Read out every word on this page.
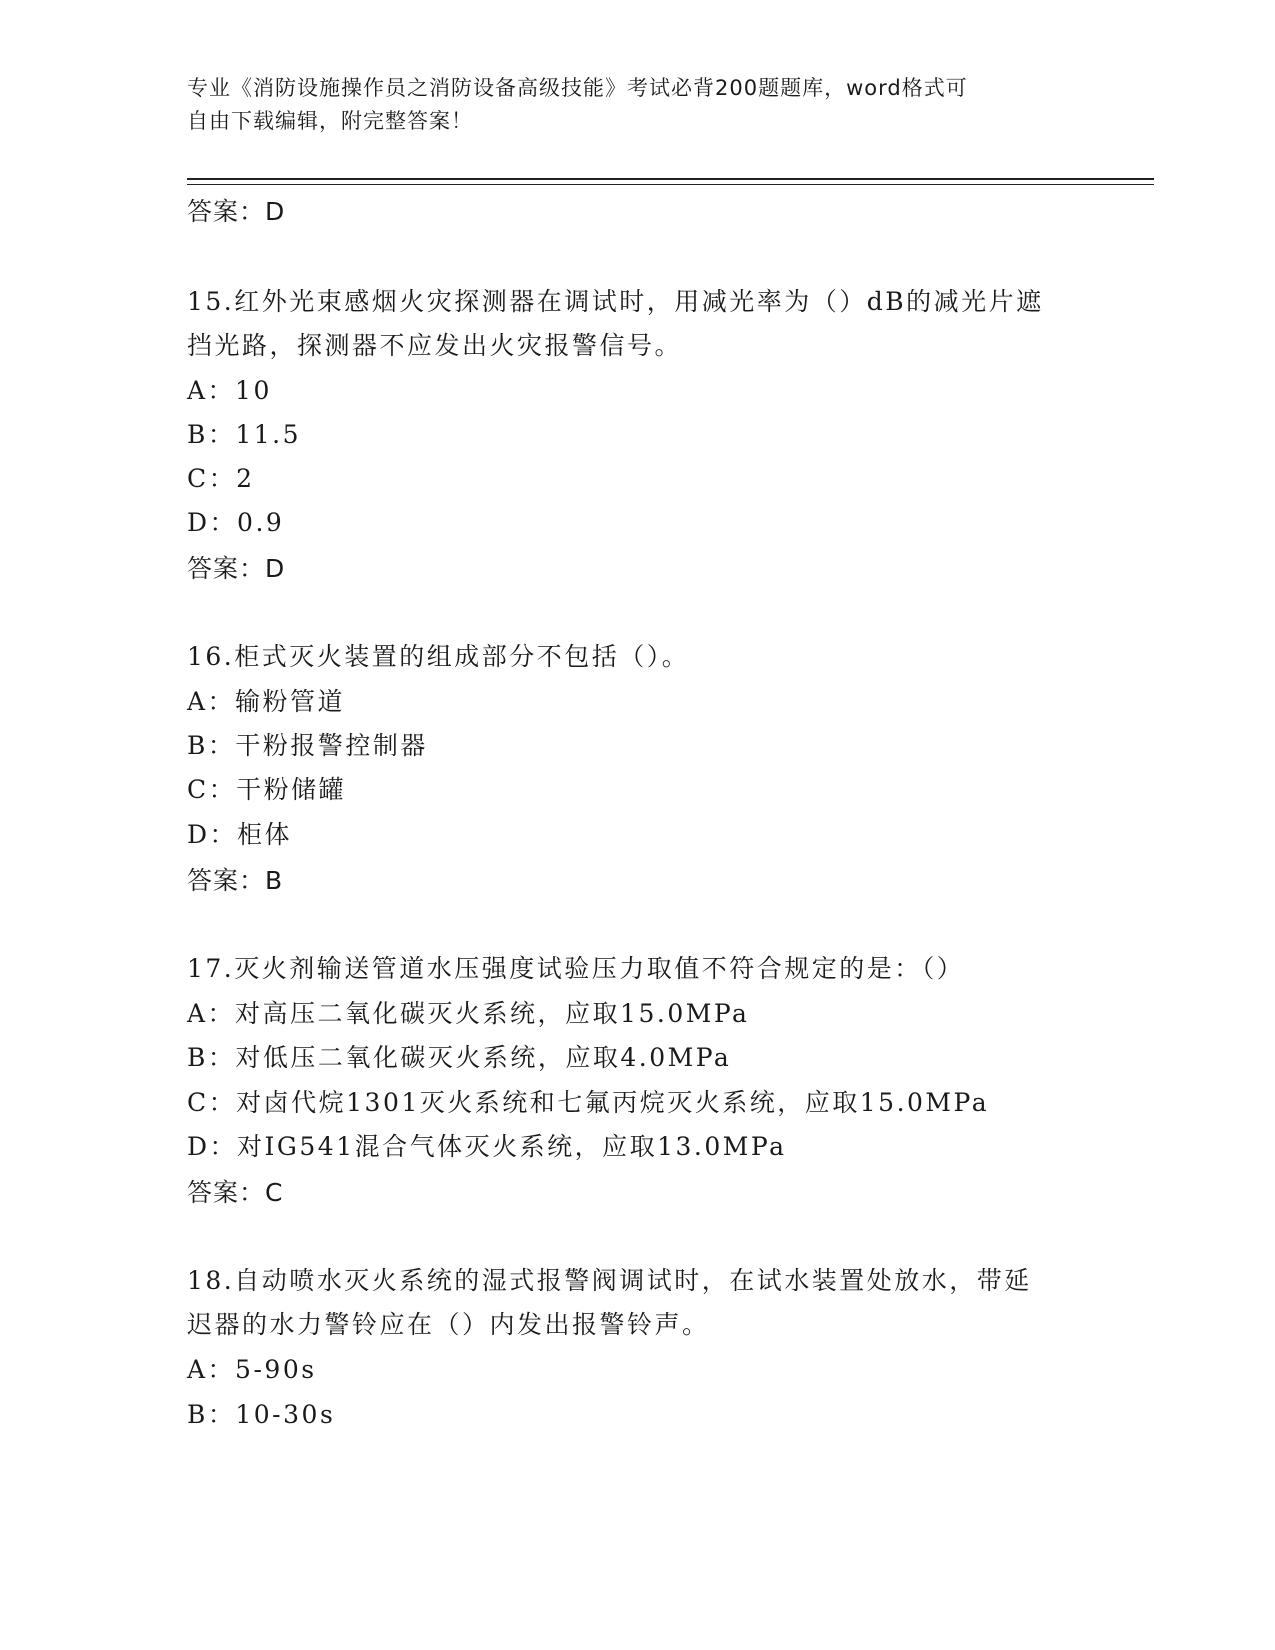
专业《消防设施操作员之消防设备高级技能》考试必背200题题库，word格式可
自由下载编辑，附完整答案！
答案：D
15.红外光束感烟火灾探测器在调试时，用减光率为（）dB的减光片遮
挡光路，探测器不应发出火灾报警信号。
A：10
B：11.5
C：2
D：0.9
答案：D
16.柜式灭火装置的组成部分不包括（）。
A：输粉管道
B：干粉报警控制器
C：干粉储罐
D：柜体
答案：B
17.灭火剂输送管道水压强度试验压力取值不符合规定的是：（）
A：对高压二氧化碳灭火系统，应取15.0MPa
B：对低压二氧化碳灭火系统，应取4.0MPa
C：对卤代烷1301灭火系统和七氟丙烷灭火系统，应取15.0MPa
D：对IG541混合气体灭火系统，应取13.0MPa
答案：C
18.自动喷水灭火系统的湿式报警阀调试时，在试水装置处放水，带延
迟器的水力警铃应在（）内发出报警铃声。
A：5-90s
B：10-30s
